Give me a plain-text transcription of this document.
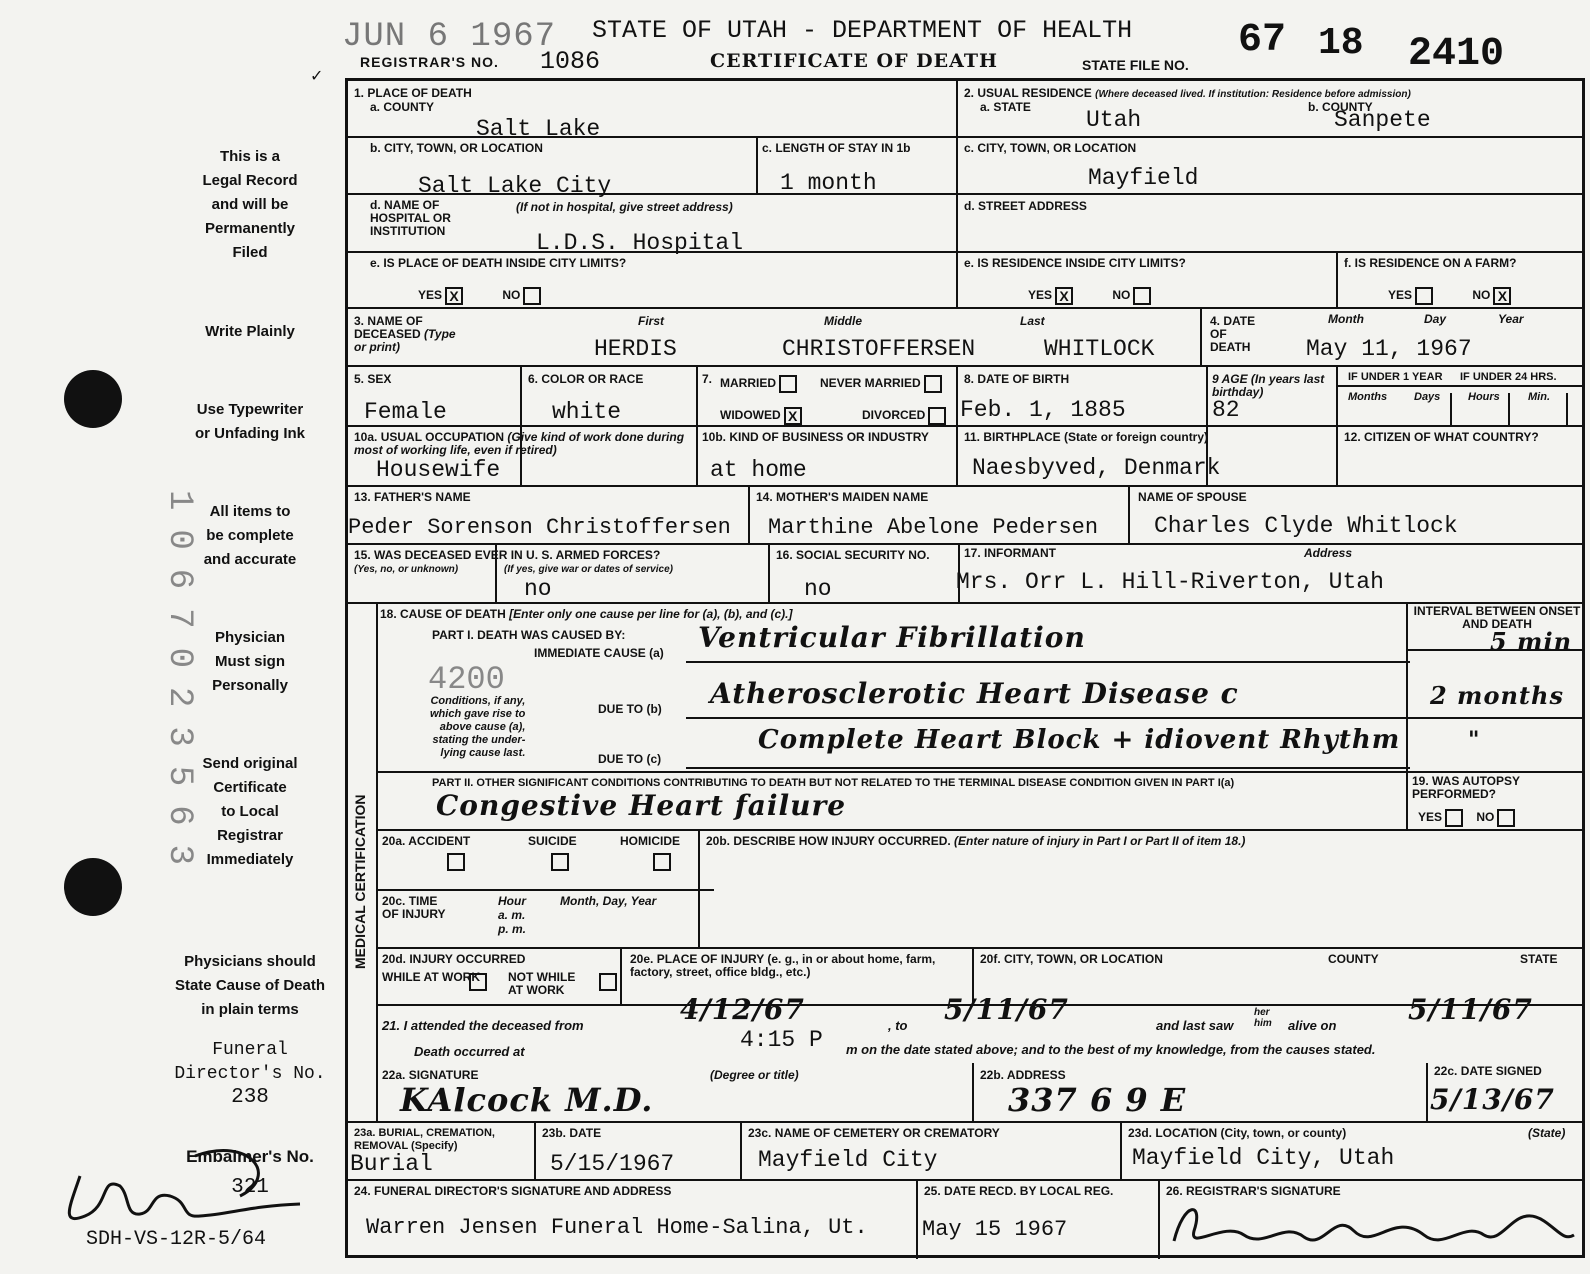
JUN 6 1967 STATE OF UTAH - DEPARTMENT OF HEALTH
REGISTRAR'S NO. 1086	CERTIFICATE OF DEATH	STATE FILE NO.
67 18 2410
This is a
Legal Record
and will be
Permanently
Filed
Write Plainly
Use Typewriter
or Unfading Ink
All items to
be complete
and accurate
Physician
Must sign
Personally
Send original
Certificate
to Local
Registrar
Immediately
Physicians should
State Cause of Death
in plain terms
Funeral
Director's No.
238
Embalmer's No.
321
SDH-VS-12R-5/64
1067023563
✓
1. PLACE OF DEATH
a. COUNTY
Salt Lake
b. CITY, TOWN, OR LOCATION
Salt Lake City
c. LENGTH OF STAY IN 1b
1 month
d. NAME OF HOSPITAL OR INSTITUTION
(If not in hospital, give street address)
L.D.S. Hospital
e. IS PLACE OF DEATH INSIDE CITY LIMITS?
YES X	NO
2. USUAL RESIDENCE (Where deceased lived. If institution: Residence before admission)
a. STATE Utah	b. COUNTY
Sanpete
c. CITY, TOWN, OR LOCATION
Mayfield
d. STREET ADDRESS
e. IS RESIDENCE INSIDE CITY LIMITS?
YES X	NO
f. IS RESIDENCE ON A FARM?
YES	NO X
3. NAME OF DECEASED (Type or print)
First	Middle	Last
HERDIS	CHRISTOFFERSEN	WHITLOCK
4. DATE OF DEATH
Month	Day	Year
May 11, 1967
5. SEX
Female
6. COLOR OR RACE
white
7. MARRIED	NEVER MARRIED
WIDOWED X	DIVORCED
8. DATE OF BIRTH
Feb. 1, 1885
9 AGE (In years last birthday)
82
IF UNDER 1 YEAR IF UNDER 24 HRS.
Months Days	Hours	Min.
10a. USUAL OCCUPATION (Give kind of work done during most of working life, even if retired)
Housewife
10b. KIND OF BUSINESS OR INDUSTRY
at home
11. BIRTHPLACE (State or foreign country)
Naesbyved, Denmark
12. CITIZEN OF WHAT COUNTRY?
13. FATHER'S NAME
Peder Sorenson Christoffersen
14. MOTHER'S MAIDEN NAME
Marthine Abelone Pedersen
NAME OF SPOUSE
Charles Clyde Whitlock
15. WAS DECEASED EVER IN U. S. ARMED FORCES?
(Yes, no, or unknown)	(If yes, give war or dates of service)
no
16. SOCIAL SECURITY NO.
no
17. INFORMANT	Address
Mrs. Orr L. Hill-Riverton, Utah
MEDICAL CERTIFICATION
18. CAUSE OF DEATH [Enter only one cause per line for (a), (b), and (c).]
PART I. DEATH WAS CAUSED BY:
IMMEDIATE CAUSE (a) Ventricular Fibrillation
INTERVAL BETWEEN ONSET AND DEATH
5 min
4200
Conditions, if any,
which gave rise to
above cause (a),
stating the under-
lying cause last.
DUE TO (b) Atherosclerotic Heart Disease c	2 months
DUE TO (c)
Complete Heart Block + idiovent Rhythm	"
PART II. OTHER SIGNIFICANT CONDITIONS CONTRIBUTING TO DEATH BUT NOT RELATED TO THE TERMINAL DISEASE CONDITION GIVEN IN PART I(a)
Congestive Heart failure
19. WAS AUTOPSY PERFORMED?
YES	NO
20a. ACCIDENT	SUICIDE	HOMICIDE 20b. DESCRIBE HOW INJURY OCCURRED. (Enter nature of injury in Part I or Part II of item 18.)
20c. TIME OF INJURY
Hour
a. m.
p. m.
Month, Day, Year
20d. INJURY OCCURRED
WHILE AT WORK NOT WHILE AT WORK
20e. PLACE OF INJURY (e. g., in or about home, farm, factory, street, office bldg., etc.)
20f. CITY, TOWN, OR LOCATION	COUNTY	STATE
21. I attended the deceased from	4/12/67	, to 5/11/67	and last saw
her him	alive on	5/11/67
Death occurred at	4:15 P m on the date stated above; and to the best of my knowledge, from the causes stated.
22a. SIGNATURE	(Degree or title)
KAlcock M.D.
22b. ADDRESS
337 6 9 E
22c. DATE SIGNED
5/13/67
23a. BURIAL, CREMATION, REMOVAL (Specify)
Burial
23b. DATE
5/15/1967
23c. NAME OF CEMETERY OR CREMATORY
Mayfield City
23d. LOCATION (City, town, or county)	(State)
Mayfield City, Utah
24. FUNERAL DIRECTOR'S SIGNATURE AND ADDRESS
Warren Jensen Funeral Home-Salina, Ut.
25. DATE RECD. BY LOCAL REG.
May 15 1967
26. REGISTRAR'S SIGNATURE
